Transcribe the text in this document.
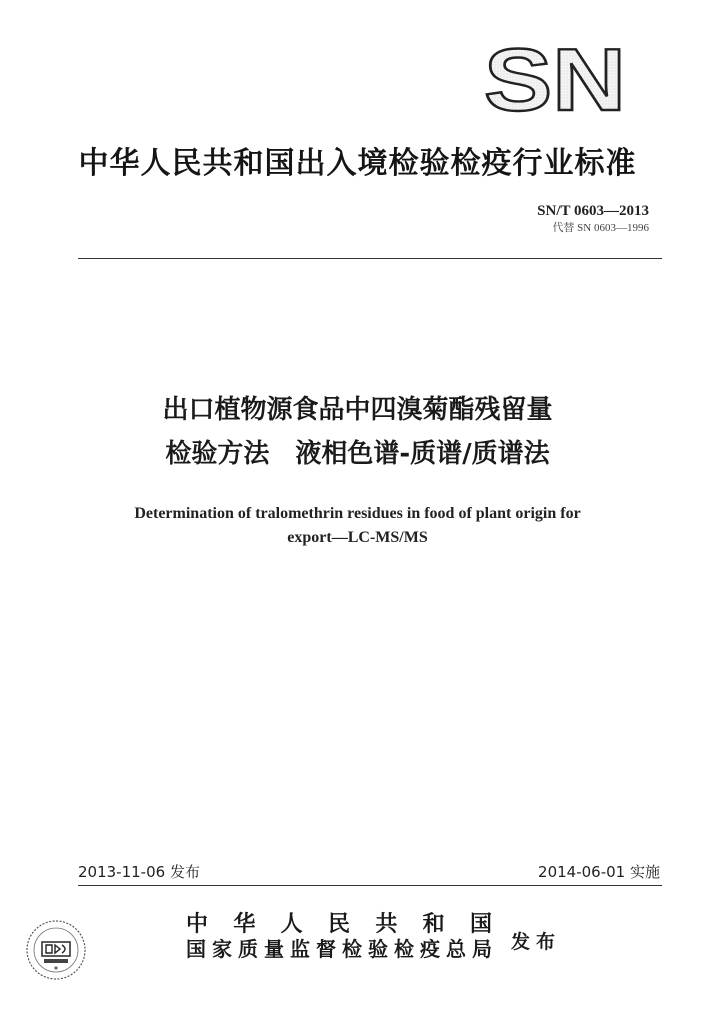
SN
中华人民共和国出入境检验检疫行业标准
SN/T 0603—2013
代替 SN 0603—1996
出口植物源食品中四溴菊酯残留量
检验方法　液相色谱-质谱/质谱法
Determination of tralomethrin residues in food of plant origin for
export—LC-MS/MS
2013-11-06 发布	2014-06-01 实施
中华人民共和国
国家质量监督检验检疫总局 发布
